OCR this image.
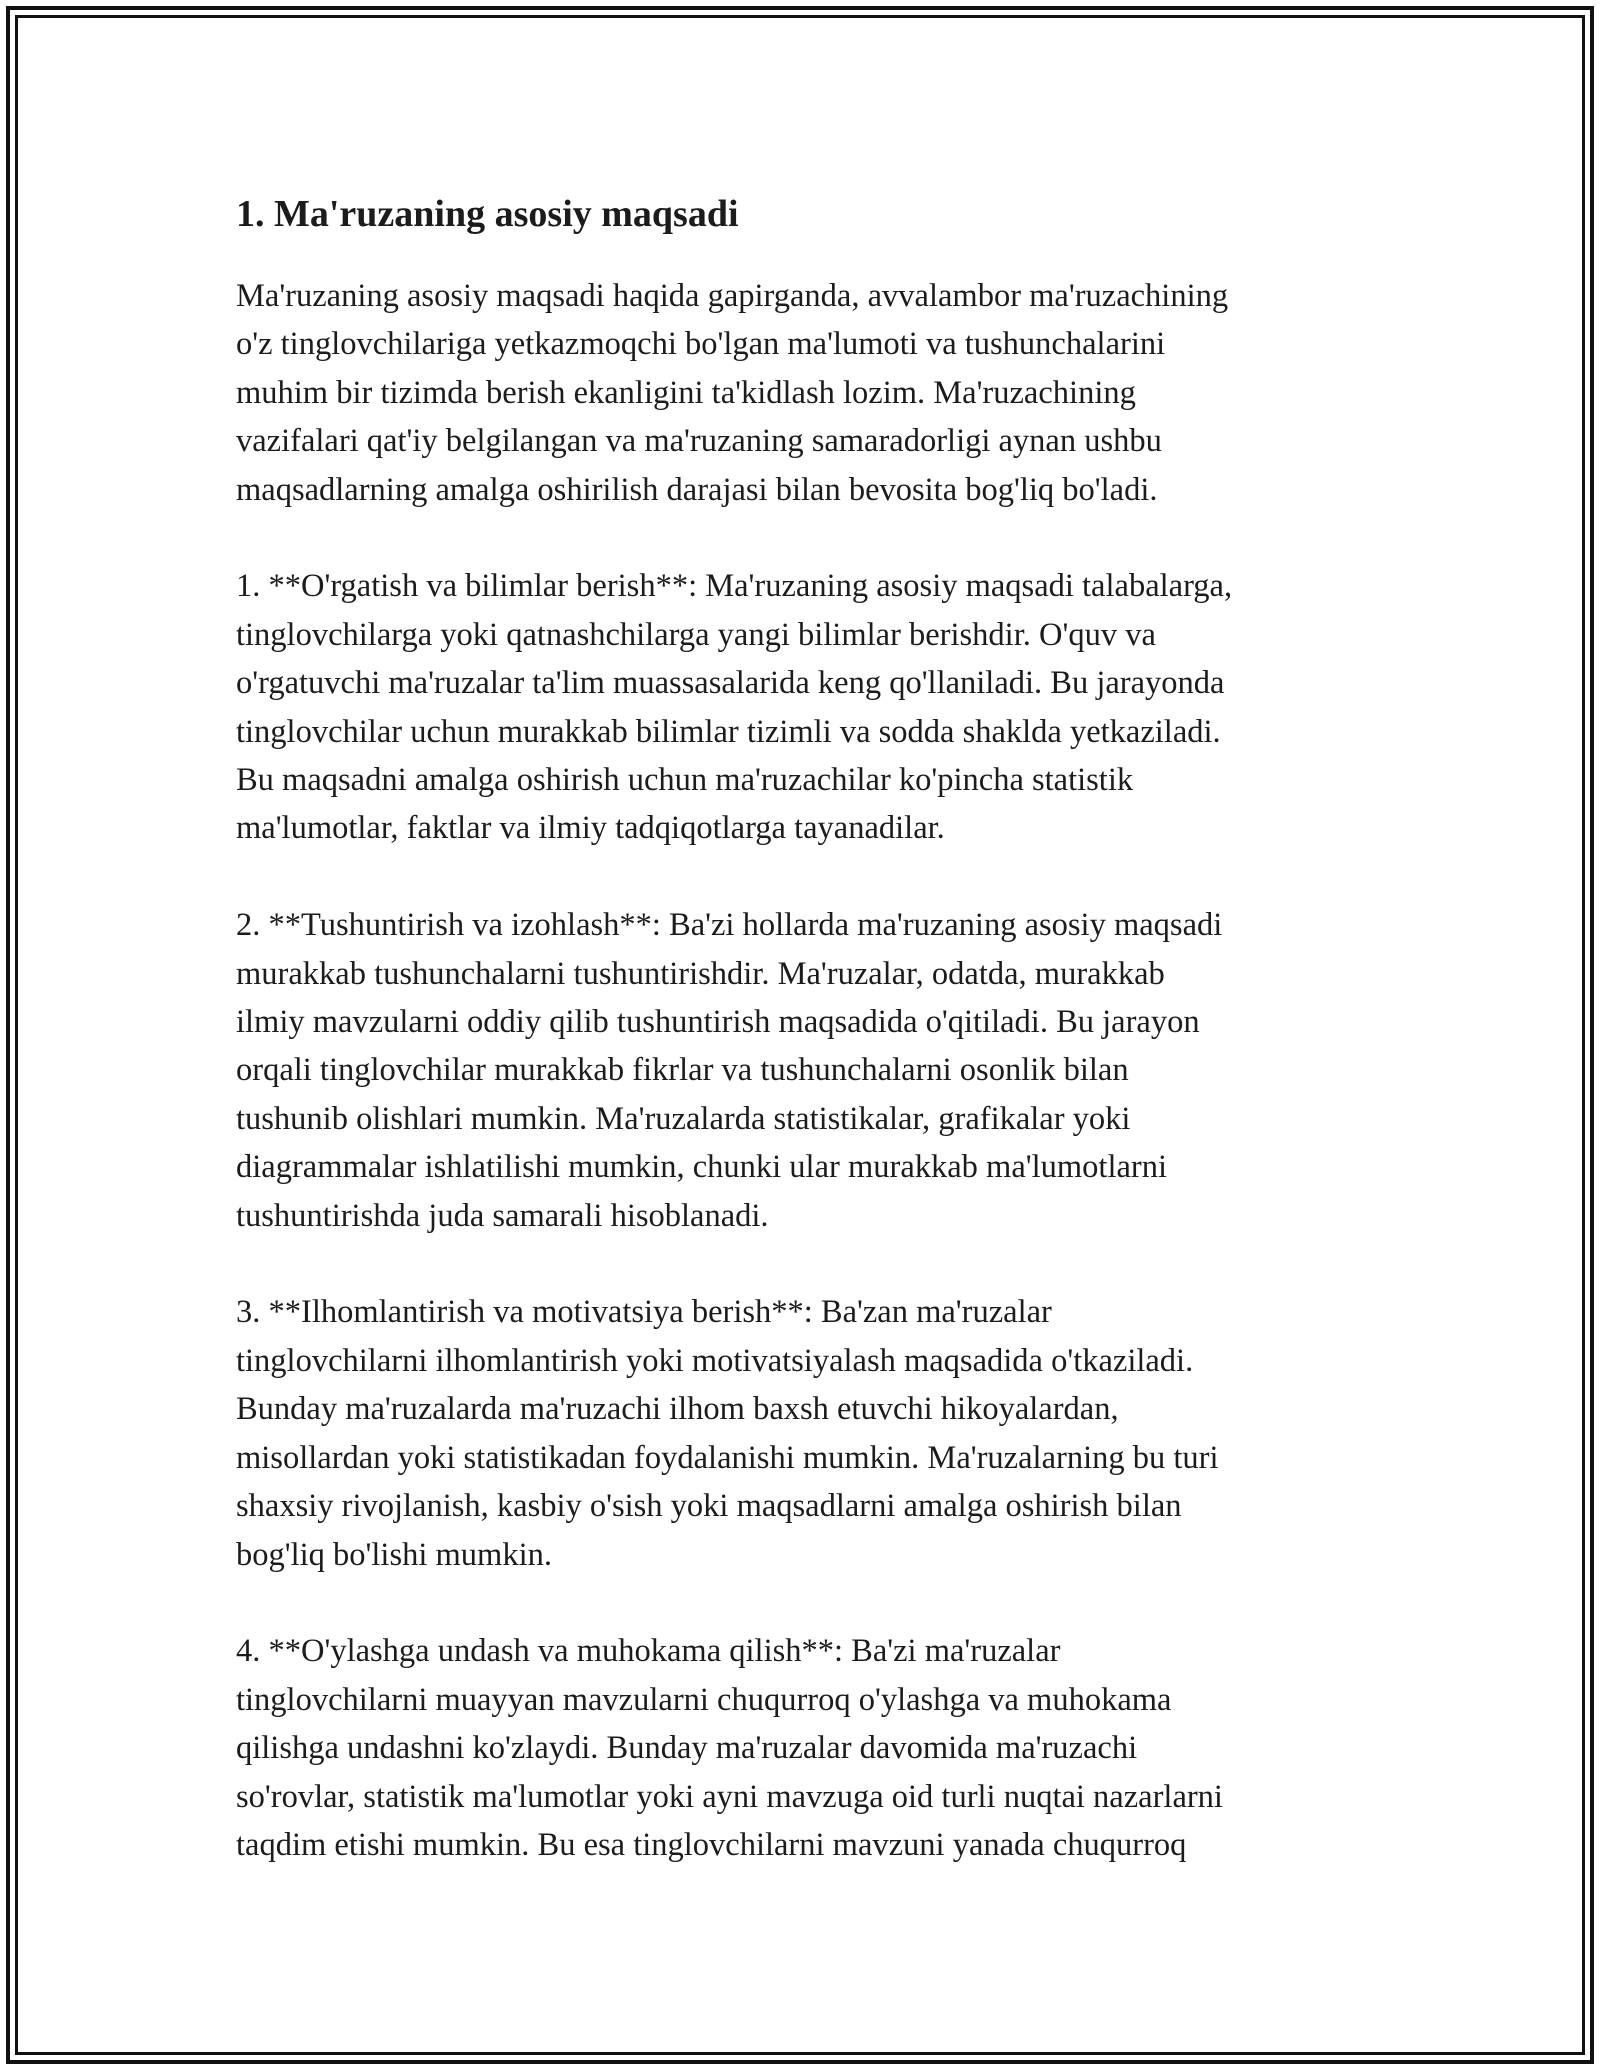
1. Ma'ruzaning asosiy maqsadi

Ma'ruzaning asosiy maqsadi haqida gapirganda, avvalambor ma'ruzachining
o'z tinglovchilariga yetkazmoqchi bo'lgan ma'lumoti va tushunchalarini
muhim bir tizimda berish ekanligini ta'kidlash lozim. Ma'ruzachining
vazifalari qat'iy belgilangan va ma'ruzaning samaradorligi aynan ushbu
maqsadlarning amalga oshirilish darajasi bilan bevosita bog'liq bo'ladi.

1. **O'rgatish va bilimlar berish**: Ma'ruzaning asosiy maqsadi talabalarga,
tinglovchilarga yoki qatnashchilarga yangi bilimlar berishdir. O'quv va
o'rgatuvchi ma'ruzalar ta'lim muassasalarida keng qo'llaniladi. Bu jarayonda
tinglovchilar uchun murakkab bilimlar tizimli va sodda shaklda yetkaziladi.
Bu maqsadni amalga oshirish uchun ma'ruzachilar ko'pincha statistik
ma'lumotlar, faktlar va ilmiy tadqiqotlarga tayanadilar.

2. **Tushuntirish va izohlash**: Ba'zi hollarda ma'ruzaning asosiy maqsadi
murakkab tushunchalarni tushuntirishdir. Ma'ruzalar, odatda, murakkab
ilmiy mavzularni oddiy qilib tushuntirish maqsadida o'qitiladi. Bu jarayon
orqali tinglovchilar murakkab fikrlar va tushunchalarni osonlik bilan
tushunib olishlari mumkin. Ma'ruzalarda statistikalar, grafikalar yoki
diagrammalar ishlatilishi mumkin, chunki ular murakkab ma'lumotlarni
tushuntirishda juda samarali hisoblanadi.

3. **Ilhomlantirish va motivatsiya berish**: Ba'zan ma'ruzalar
tinglovchilarni ilhomlantirish yoki motivatsiyalash maqsadida o'tkaziladi.
Bunday ma'ruzalarda ma'ruzachi ilhom baxsh etuvchi hikoyalardan,
misollardan yoki statistikadan foydalanishi mumkin. Ma'ruzalarning bu turi
shaxsiy rivojlanish, kasbiy o'sish yoki maqsadlarni amalga oshirish bilan
bog'liq bo'lishi mumkin.

4. **O'ylashga undash va muhokama qilish**: Ba'zi ma'ruzalar
tinglovchilarni muayyan mavzularni chuqurroq o'ylashga va muhokama
qilishga undashni ko'zlaydi. Bunday ma'ruzalar davomida ma'ruzachi
so'rovlar, statistik ma'lumotlar yoki ayni mavzuga oid turli nuqtai nazarlarni
taqdim etishi mumkin. Bu esa tinglovchilarni mavzuni yanada chuqurroq
